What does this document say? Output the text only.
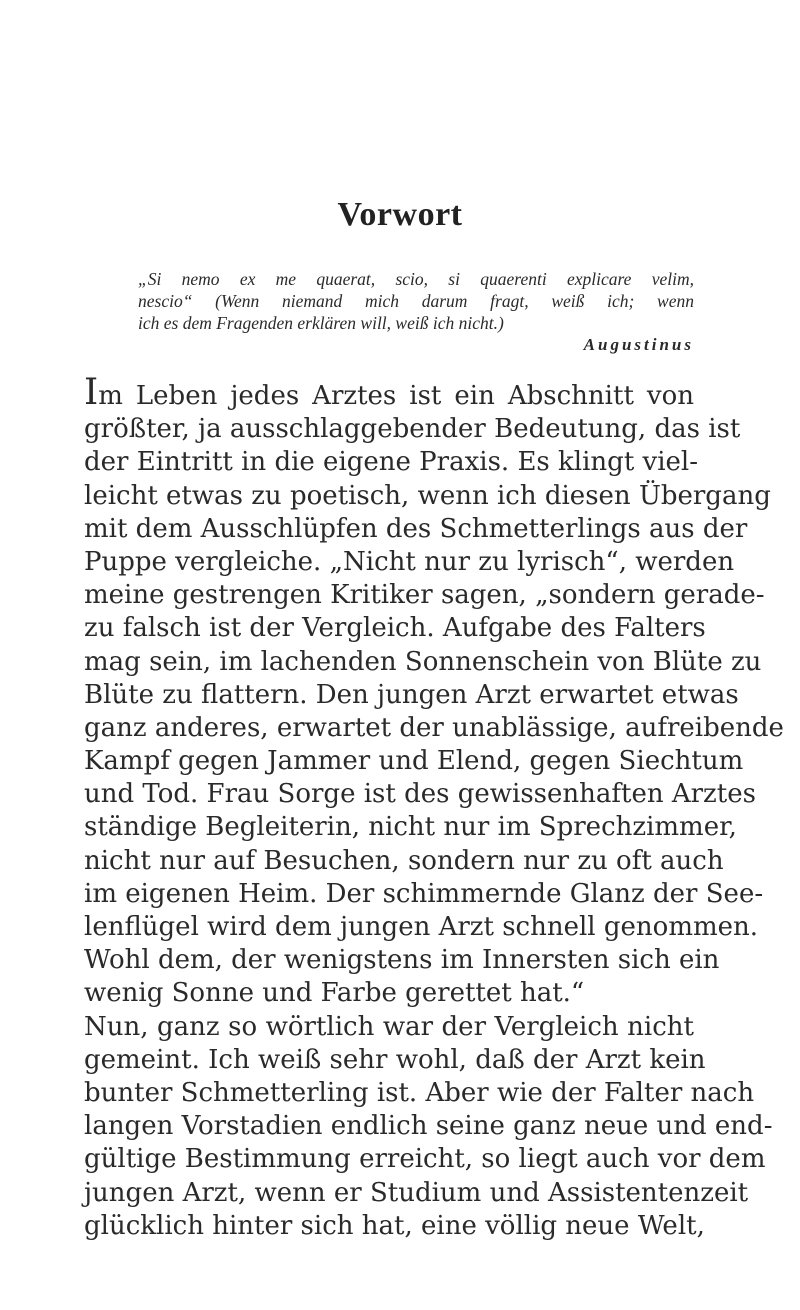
Vorwort
„Si nemo ex me quaerat, scio, si quaerenti explicare velim,
nescio“ (Wenn niemand mich darum fragt, weiß ich; wenn
ich es dem Fragenden erklären will, weiß ich nicht.)
Augustinus
Im Leben jedes Arztes ist ein Abschnitt von
größter, ja ausschlaggebender Bedeutung, das ist
der Eintritt in die eigene Praxis. Es klingt viel-
leicht etwas zu poetisch, wenn ich diesen Übergang
mit dem Ausschlüpfen des Schmetterlings aus der
Puppe vergleiche. „Nicht nur zu lyrisch“, werden
meine gestrengen Kritiker sagen, „sondern gerade-
zu falsch ist der Vergleich. Aufgabe des Falters
mag sein, im lachenden Sonnenschein von Blüte zu
Blüte zu flattern. Den jungen Arzt erwartet etwas
ganz anderes, erwartet der unablässige, aufreibende
Kampf gegen Jammer und Elend, gegen Siechtum
und Tod. Frau Sorge ist des gewissenhaften Arztes
ständige Begleiterin, nicht nur im Sprechzimmer,
nicht nur auf Besuchen, sondern nur zu oft auch
im eigenen Heim. Der schimmernde Glanz der See-
lenflügel wird dem jungen Arzt schnell genommen.
Wohl dem, der wenigstens im Innersten sich ein
wenig Sonne und Farbe gerettet hat.“
Nun, ganz so wörtlich war der Vergleich nicht
gemeint. Ich weiß sehr wohl, daß der Arzt kein
bunter Schmetterling ist. Aber wie der Falter nach
langen Vorstadien endlich seine ganz neue und end-
gültige Bestimmung erreicht, so liegt auch vor dem
jungen Arzt, wenn er Studium und Assistentenzeit
glücklich hinter sich hat, eine völlig neue Welt,
